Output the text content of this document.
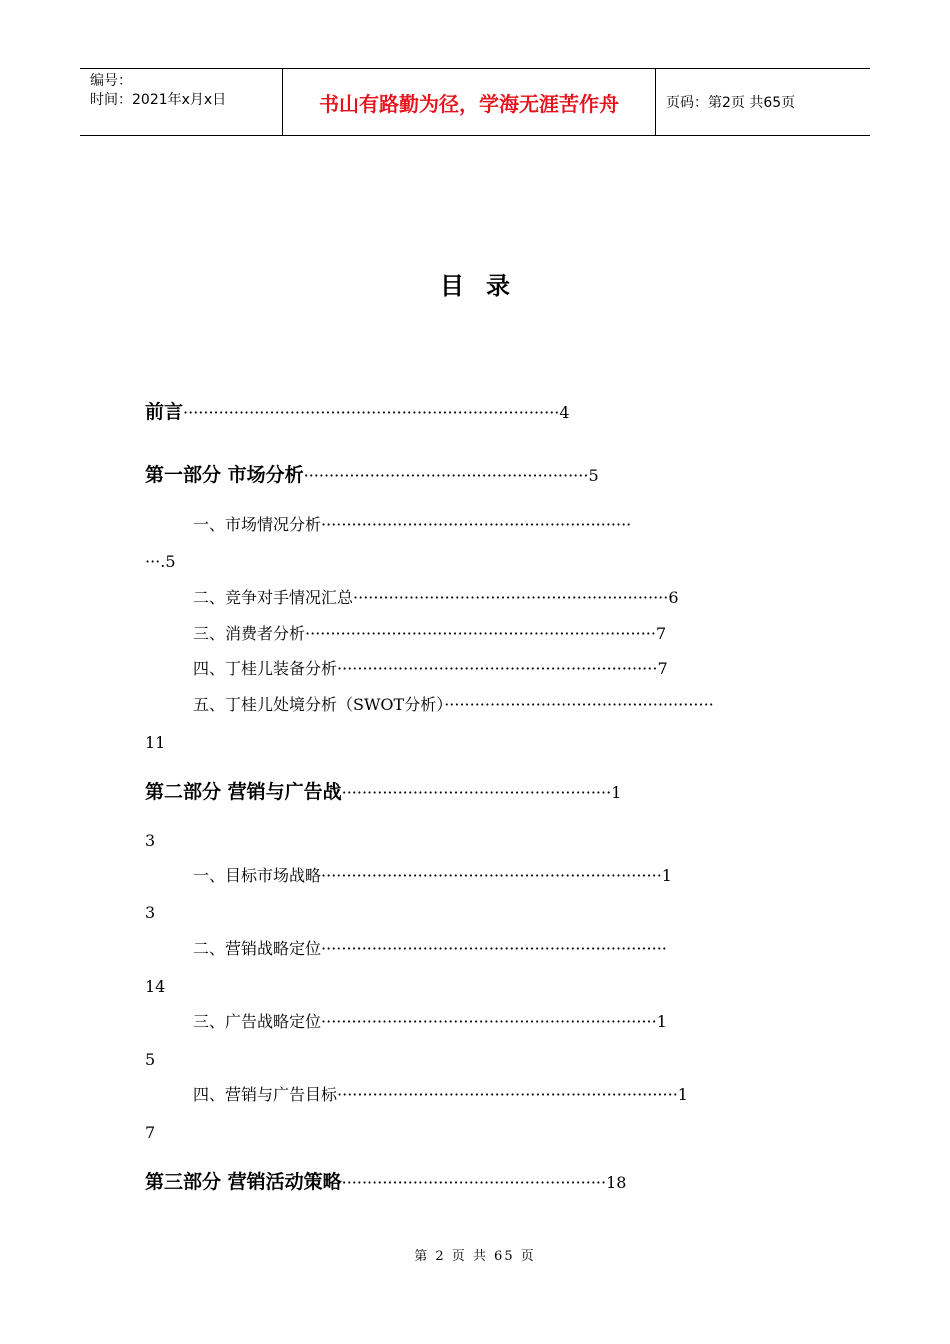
编号：
时间：2021年x月x日	书山有路勤为径，学海无涯苦作舟	页码：第2页 共65页
目录
前言··········································································4
第一部分 市场分析························································5
一、市场情况分析·····························································
···.5
二、竞争对手情况汇总······························································6
三、消费者分析·····································································7
四、丁桂儿装备分析·······························································7
五、丁桂儿处境分析（SWOT分析）·····················································
11
第二部分 营销与广告战·····················································1
3
一、目标市场战略···································································1
3
二、营销战略定位····································································
14
三、广告战略定位··································································1
5
四、营销与广告目标···································································1
7
第三部分 营销活动策略····················································18
第 2 页 共 65 页
